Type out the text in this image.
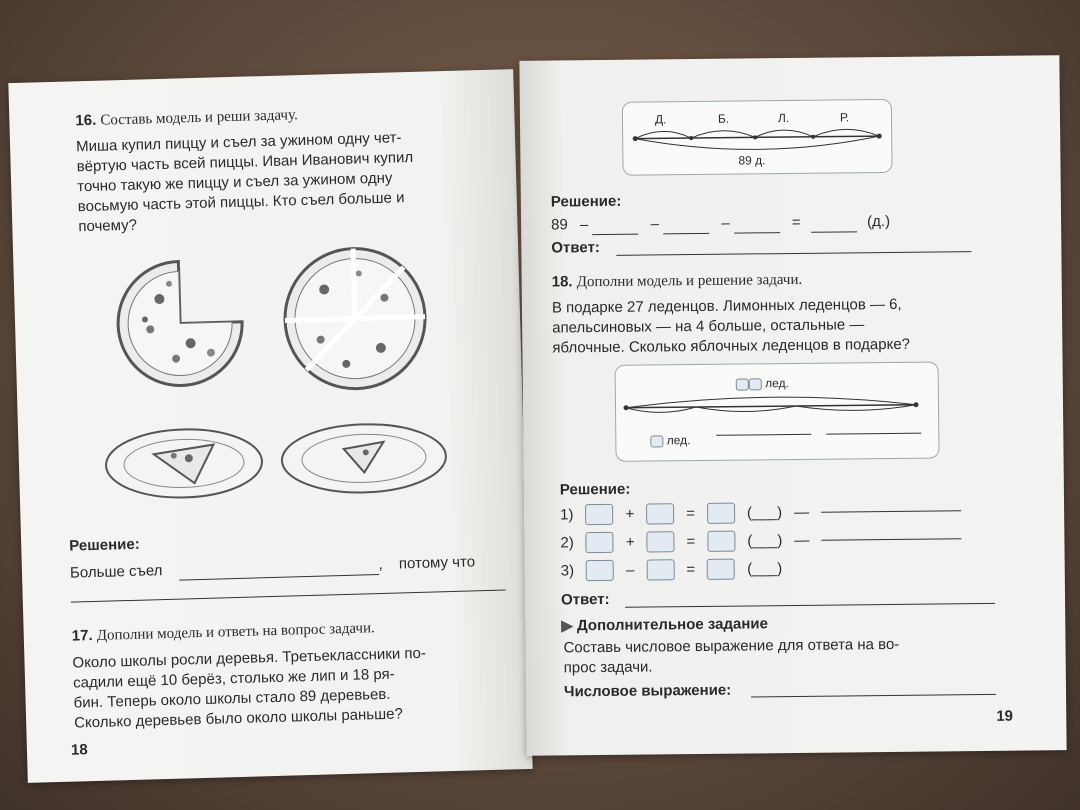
16. Составь модель и реши задачу.
Миша купил пиццу и съел за ужином одну чет-
вёртую часть всей пиццы. Иван Иванович купил
точно такую же пиццу и съел за ужином одну
восьмую часть этой пиццы. Кто съел больше и
почему?
Решение:
Больше съел	, потому что
17. Дополни модель и ответь на вопрос задачи.
Около школы росли деревья. Третьеклассники по-
садили ещё 10 берёз, столько же лип и 18 ря-
бин. Теперь около школы стало 89 деревьев.
Сколько деревьев было около школы раньше?
18
Д.	Б.	Л.	Р.
89 д.
Решение:
89 –	–	–	=	(д.)
Ответ:
18. Дополни модель и решение задачи.
В подарке 27 леденцов. Лимонных леденцов — 6,
апельсиновых — на 4 больше, остальные —
яблочные. Сколько яблочных леденцов в подарке?
лед.
лед.
Решение:
1)	+	=	(___) —
2)	+	=	(___) —
3)	–	=	(___)
Ответ:
▶ Дополнительное задание
Составь числовое выражение для ответа на во-
прос задачи.
Числовое выражение:
19
